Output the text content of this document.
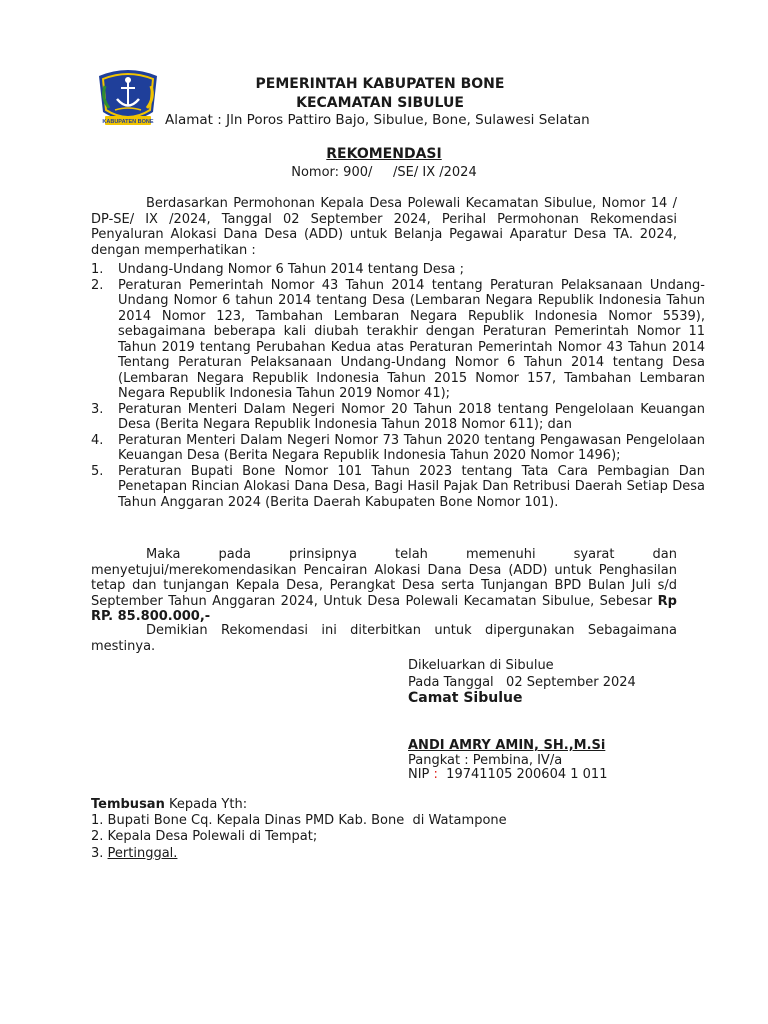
KABUPATEN BONE
PEMERINTAH KABUPATEN BONE
KECAMATAN SIBULUE
Alamat : Jln Poros Pattiro Bajo, Sibulue, Bone, Sulawesi Selatan
REKOMENDASI
Nomor: 900/     /SE/ IX /2024
Berdasarkan Permohonan Kepala Desa Polewali Kecamatan Sibulue, Nomor 14 / DP-SE/ IX /2024, Tanggal 02 September 2024, Perihal Permohonan Rekomendasi Penyaluran Alokasi Dana Desa (ADD) untuk Belanja Pegawai Aparatur Desa TA. 2024, dengan memperhatikan :
1. Undang-Undang Nomor 6 Tahun 2014 tentang Desa ;
2. Peraturan Pemerintah Nomor 43 Tahun 2014 tentang Peraturan Pelaksanaan Undang-Undang Nomor 6 tahun 2014 tentang Desa (Lembaran Negara Republik Indonesia Tahun 2014 Nomor 123, Tambahan Lembaran Negara Republik Indonesia Nomor 5539), sebagaimana beberapa kali diubah terakhir dengan Peraturan Pemerintah Nomor 11 Tahun 2019 tentang Perubahan Kedua atas Peraturan Pemerintah Nomor 43 Tahun 2014 Tentang Peraturan Pelaksanaan Undang-Undang Nomor 6 Tahun 2014 tentang Desa (Lembaran Negara Republik Indonesia Tahun 2015 Nomor 157, Tambahan Lembaran Negara Republik Indonesia Tahun 2019 Nomor 41);
3. Peraturan Menteri Dalam Negeri Nomor 20 Tahun 2018 tentang Pengelolaan Keuangan Desa (Berita Negara Republik Indonesia Tahun 2018 Nomor 611); dan
4. Peraturan Menteri Dalam Negeri Nomor 73 Tahun 2020 tentang Pengawasan Pengelolaan Keuangan Desa (Berita Negara Republik Indonesia Tahun 2020 Nomor 1496);
5. Peraturan Bupati Bone Nomor 101 Tahun 2023 tentang Tata Cara Pembagian Dan Penetapan Rincian Alokasi Dana Desa, Bagi Hasil Pajak Dan Retribusi Daerah Setiap Desa Tahun Anggaran 2024 (Berita Daerah Kabupaten Bone Nomor 101).
Maka pada prinsipnya telah memenuhi syarat dan menyetujui/merekomendasikan Pencairan Alokasi Dana Desa (ADD) untuk Penghasilan tetap dan tunjangan Kepala Desa, Perangkat Desa serta Tunjangan BPD Bulan Juli s/d September Tahun Anggaran 2024, Untuk Desa Polewali Kecamatan Sibulue, Sebesar Rp RP. 85.800.000,-
Demikian Rekomendasi ini diterbitkan untuk dipergunakan Sebagaimana mestinya.
Dikeluarkan di Sibulue
Pada Tanggal   02 September 2024
Camat Sibulue
ANDI AMRY AMIN, SH.,M.Si
Pangkat : Pembina, IV/a
NIP :  19741105 200604 1 011
Tembusan Kepada Yth:
1. Bupati Bone Cq. Kepala Dinas PMD Kab. Bone  di Watampone
2. Kepala Desa Polewali di Tempat;
3. Pertinggal.
